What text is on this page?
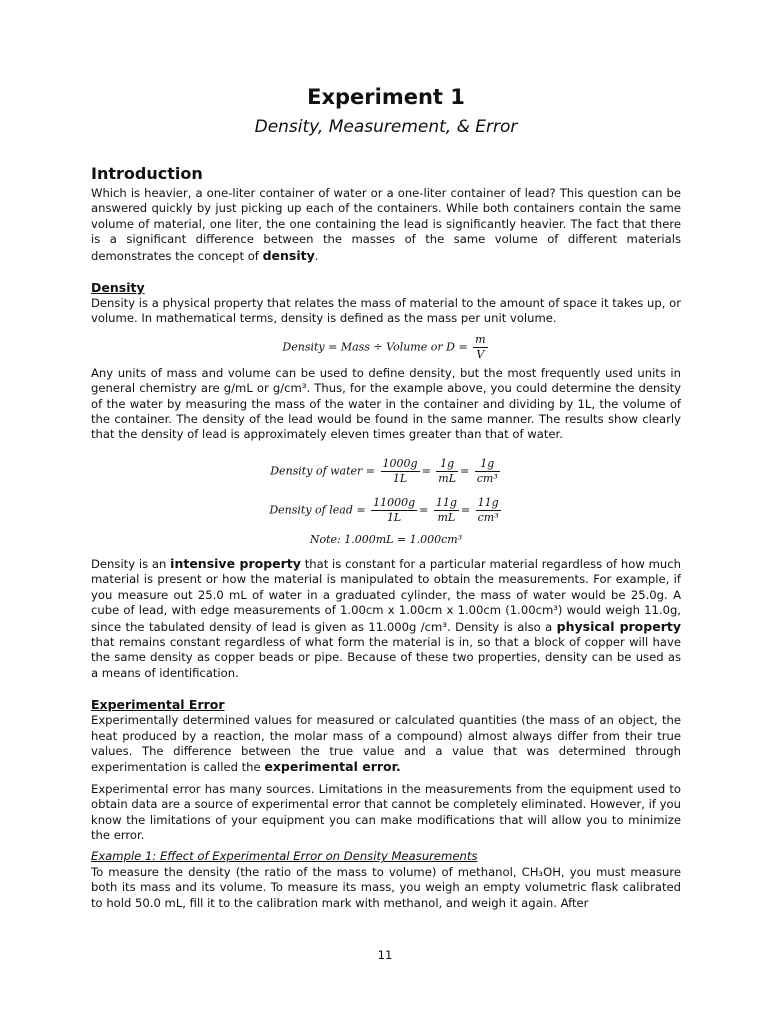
Experiment 1
Density, Measurement, & Error
Introduction

Which is heavier, a one-liter container of water or a one-liter container of lead? This question can be answered quickly by just picking up each of the containers. While both containers contain the same volume of material, one liter, the one containing the lead is significantly heavier. The fact that there is a significant difference between the masses of the same volume of different materials demonstrates the concept of density.

Density

Density is a physical property that relates the mass of material to the amount of space it takes up, or volume. In mathematical terms, density is defined as the mass per unit volume.

Density = Mass ÷ Volume or $D = \frac{m}{V}$

Any units of mass and volume can be used to define density, but the most frequently used units in general chemistry are g/mL or g/cm³. Thus, for the example above, you could determine the density of the water by measuring the mass of the water in the container and dividing by 1L, the volume of the container. The density of the lead would be found in the same manner. The results show clearly that the density of lead is approximately eleven times greater than that of water.

Density of water = $\frac{1000g}{1L} = \frac{1g}{mL} = \frac{1g}{\text{cm³}}$
Density of lead = $\frac{11000g}{1L} = \frac{11g}{mL} = \frac{11g}{\text{cm³}}$
Note: 1.000mL = 1.000cm³

Density is an intensive property that is constant for a particular material regardless of how much material is present or how the material is manipulated to obtain the measurements. For example, if you measure out 25.0 mL of water in a graduated cylinder, the mass of water would be 25.0g. A cube of lead, with edge measurements of 1.00cm x 1.00cm x 1.00cm (1.00cm³) would weigh 11.0g, since the tabulated density of lead is given as 11.000g /cm³. Density is also a physical property that remains constant regardless of what form the material is in, so that a block of copper will have the same density as copper beads or pipe. Because of these two properties, density can be used as a means of identification.

Experimental Error

Experimentally determined values for measured or calculated quantities (the mass of an object, the heat produced by a reaction, the molar mass of a compound) almost always differ from their true values. The difference between the true value and a value that was determined through experimentation is called the experimental error.

Experimental error has many sources. Limitations in the measurements from the equipment used to obtain data are a source of experimental error that cannot be completely eliminated. However, if you know the limitations of your equipment you can make modifications that will allow you to minimize the error.

Example 1: Effect of Experimental Error on Density Measurements

To measure the density (the ratio of the mass to volume) of methanol, CH₃OH, you must measure both its mass and its volume. To measure its mass, you weigh an empty volumetric flask calibrated to hold 50.0 mL, fill it to the calibration mark with methanol, and weigh it again. After

11
